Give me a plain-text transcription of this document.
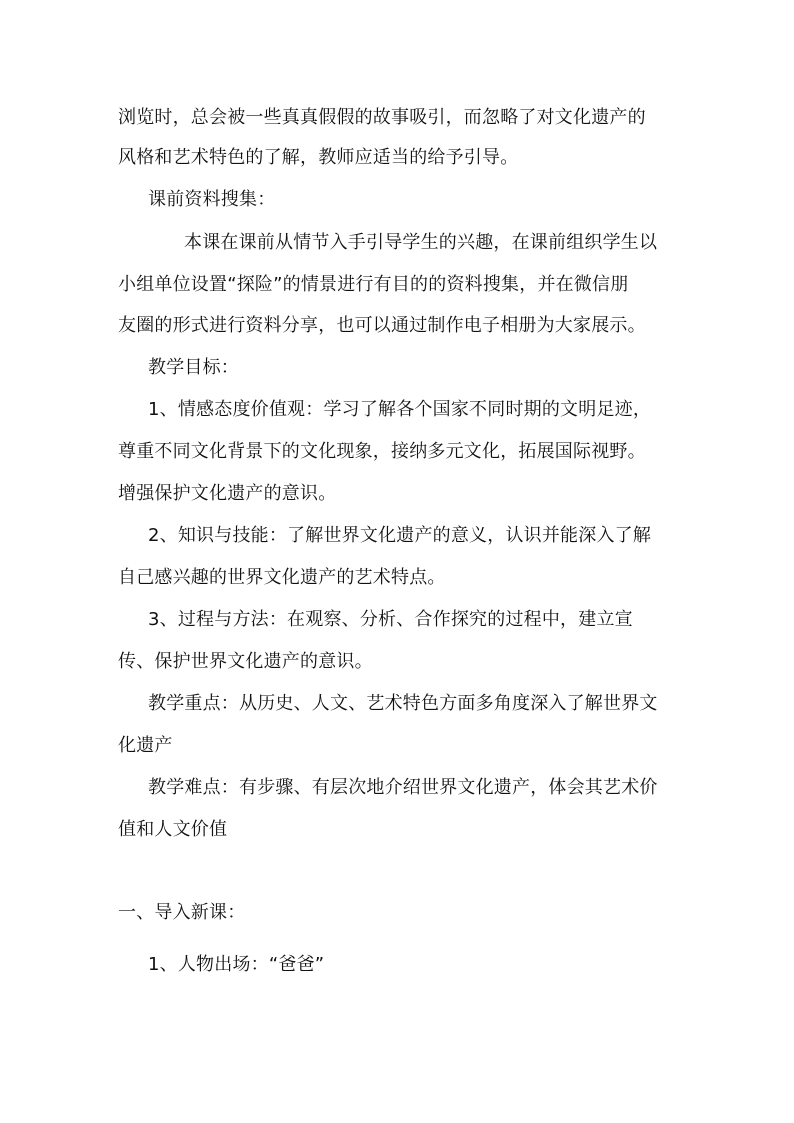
浏览时，总会被一些真真假假的故事吸引，而忽略了对文化遗产的
风格和艺术特色的了解，教师应适当的给予引导。
课前资料搜集：
本课在课前从情节入手引导学生的兴趣，在课前组织学生以
小组单位设置“探险”的情景进行有目的的资料搜集，并在微信朋
友圈的形式进行资料分享，也可以通过制作电子相册为大家展示。
教学目标：
1、情感态度价值观：学习了解各个国家不同时期的文明足迹，
尊重不同文化背景下的文化现象，接纳多元文化，拓展国际视野。
增强保护文化遗产的意识。
2、知识与技能：了解世界文化遗产的意义，认识并能深入了解
自己感兴趣的世界文化遗产的艺术特点。
3、过程与方法：在观察、分析、合作探究的过程中，建立宣
传、保护世界文化遗产的意识。
教学重点：从历史、人文、艺术特色方面多角度深入了解世界文
化遗产
教学难点：有步骤、有层次地介绍世界文化遗产，体会其艺术价
值和人文价值
一、导入新课：
1、人物出场：“爸爸”
